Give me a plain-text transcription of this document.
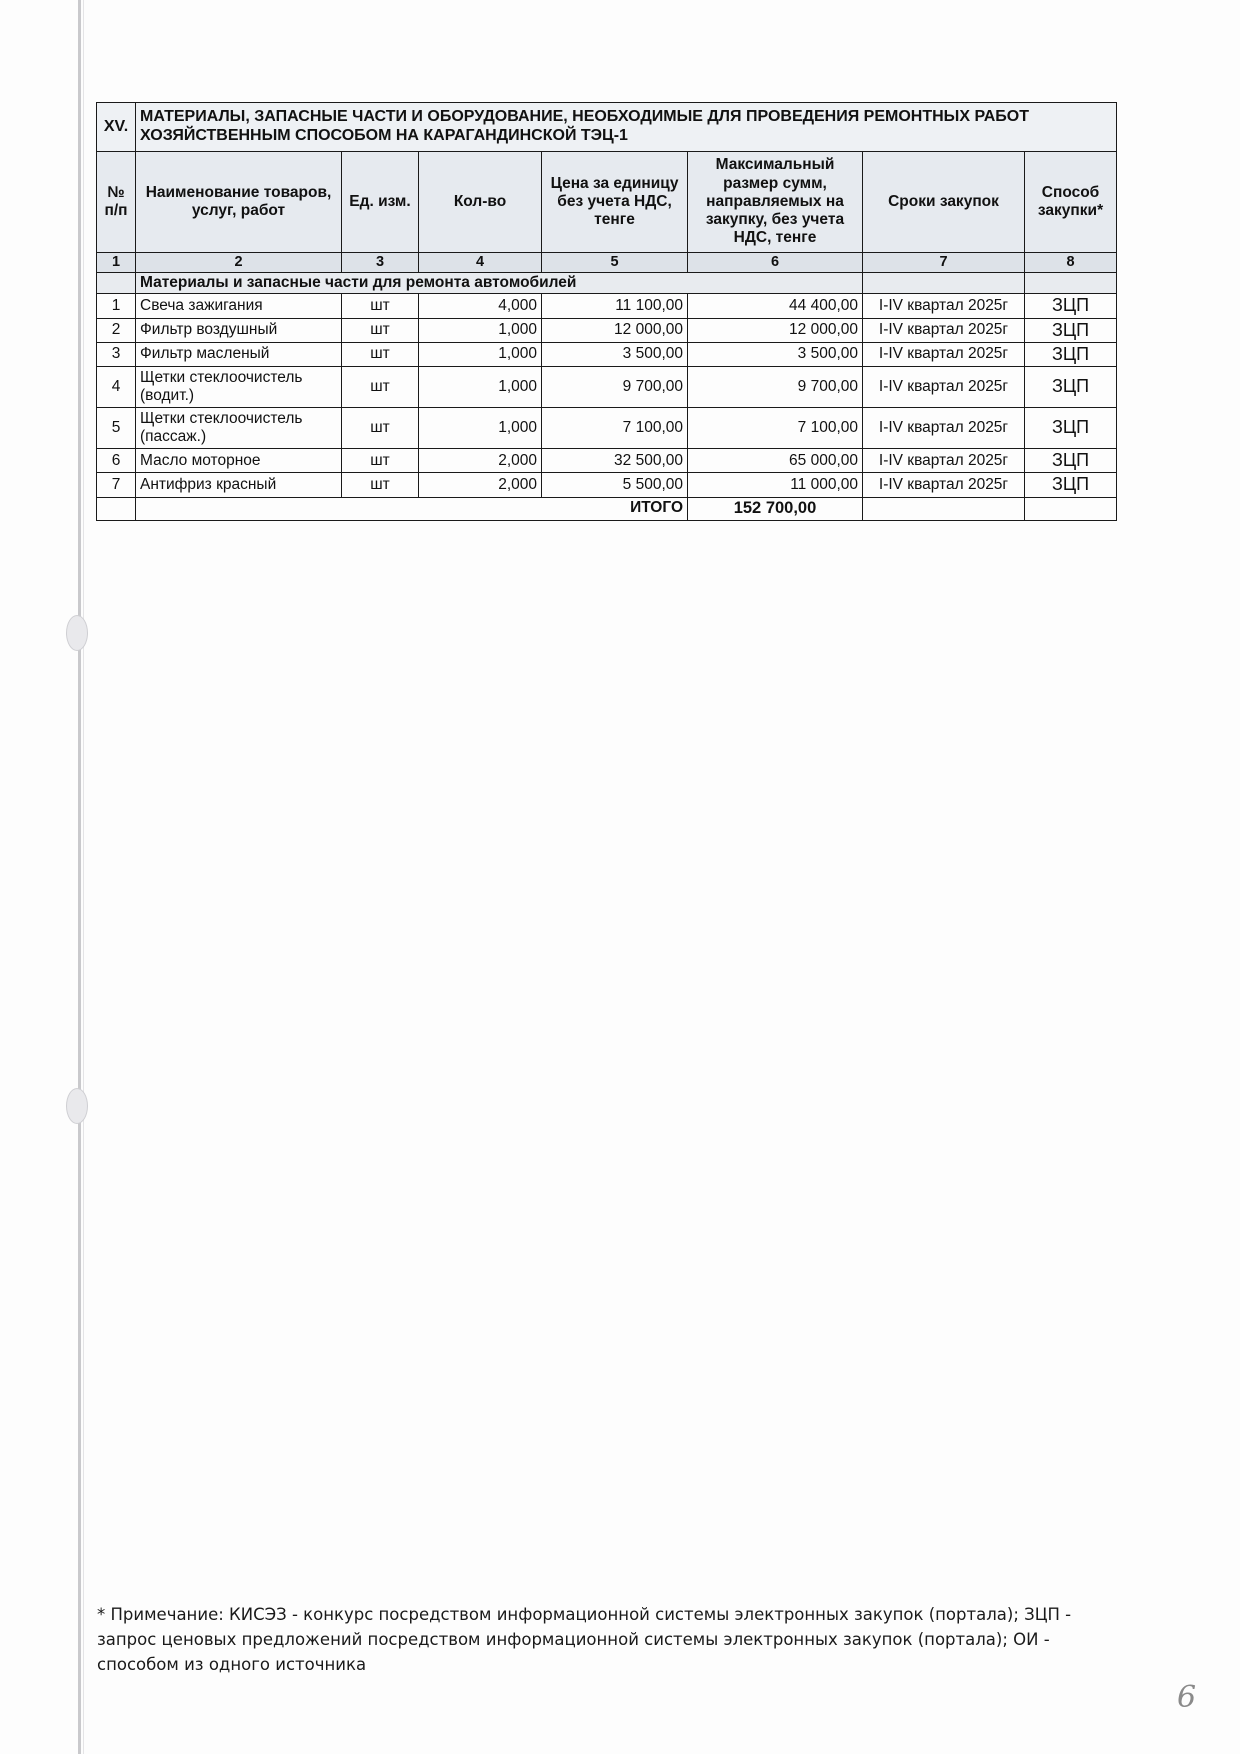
XV.	МАТЕРИАЛЫ, ЗАПАСНЫЕ ЧАСТИ И ОБОРУДОВАНИЕ, НЕОБХОДИМЫЕ ДЛЯ ПРОВЕДЕНИЯ РЕМОНТНЫХ РАБОТ ХОЗЯЙСТВЕННЫМ СПОСОБОМ НА КАРАГАНДИНСКОЙ ТЭЦ-1						
№ п/п	Наименование товаров, услуг, работ	Ед. изм.	Кол-во	Цена за единицу без учета НДС, тенге	Максимальный размер сумм, направляемых на закупку, без учета НДС, тенге	Сроки закупок	Способ закупки*
1	2	3	4	5	6	7	8
	Материалы и запасные части для ремонта автомобилей						
1	Свеча зажигания	шт	4,000	11 100,00	44 400,00	I-IV квартал 2025г	ЗЦП
2	Фильтр воздушный	шт	1,000	12 000,00	12 000,00	I-IV квартал 2025г	ЗЦП
3	Фильтр масленый	шт	1,000	3 500,00	3 500,00	I-IV квартал 2025г	ЗЦП
4	Щетки стеклоочистель (водит.)	шт	1,000	9 700,00	9 700,00	I-IV квартал 2025г	ЗЦП
5	Щетки стеклоочистель (пассаж.)	шт	1,000	7 100,00	7 100,00	I-IV квартал 2025г	ЗЦП
6	Масло моторное	шт	2,000	32 500,00	65 000,00	I-IV квартал 2025г	ЗЦП
7	Антифриз красный	шт	2,000	5 500,00	11 000,00	I-IV квартал 2025г	ЗЦП
	ИТОГО				152 700,00		
* Примечание: КИСЭЗ - конкурс посредством информационной системы электронных закупок (портала); ЗЦП - запрос ценовых предложений посредством информационной системы электронных закупок (портала); ОИ - способом из одного источника
6
